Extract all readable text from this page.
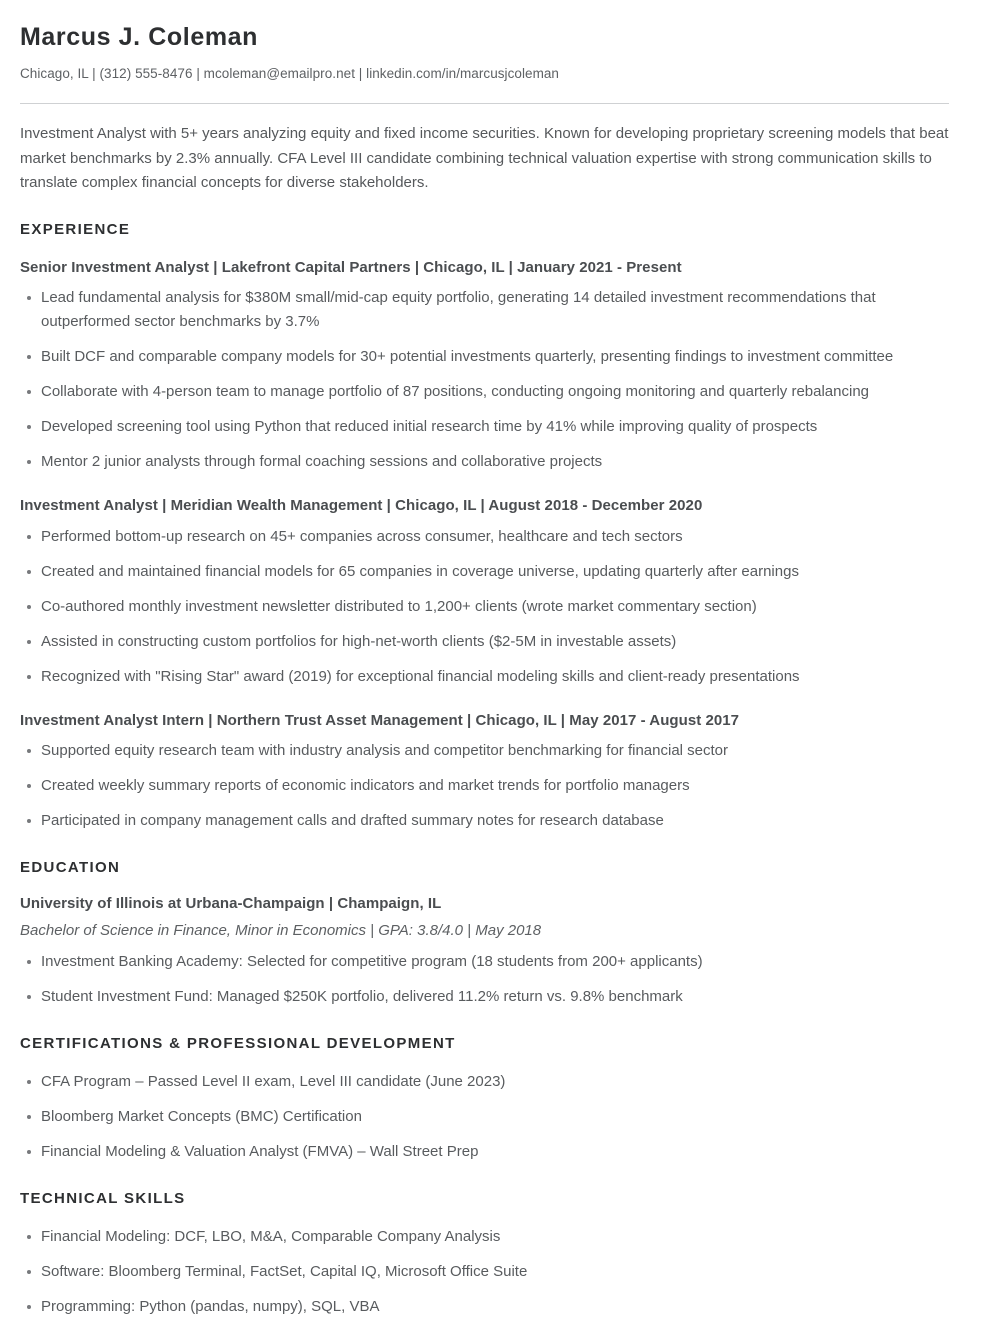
Marcus J. Coleman
Chicago, IL | (312) 555-8476 | mcoleman@emailpro.net | linkedin.com/in/marcusjcoleman

Investment Analyst with 5+ years analyzing equity and fixed income securities. Known for developing proprietary screening models that beat market benchmarks by 2.3% annually. CFA Level III candidate combining technical valuation expertise with strong communication skills to translate complex financial concepts for diverse stakeholders.

EXPERIENCE
Senior Investment Analyst | Lakefront Capital Partners | Chicago, IL | January 2021 - Present
Lead fundamental analysis for $380M small/mid-cap equity portfolio, generating 14 detailed investment recommendations that outperformed sector benchmarks by 3.7%
Built DCF and comparable company models for 30+ potential investments quarterly, presenting findings to investment committee
Collaborate with 4-person team to manage portfolio of 87 positions, conducting ongoing monitoring and quarterly rebalancing
Developed screening tool using Python that reduced initial research time by 41% while improving quality of prospects
Mentor 2 junior analysts through formal coaching sessions and collaborative projects
Investment Analyst | Meridian Wealth Management | Chicago, IL | August 2018 - December 2020
Performed bottom-up research on 45+ companies across consumer, healthcare and tech sectors
Created and maintained financial models for 65 companies in coverage universe, updating quarterly after earnings
Co-authored monthly investment newsletter distributed to 1,200+ clients (wrote market commentary section)
Assisted in constructing custom portfolios for high-net-worth clients ($2-5M in investable assets)
Recognized with "Rising Star" award (2019) for exceptional financial modeling skills and client-ready presentations
Investment Analyst Intern | Northern Trust Asset Management | Chicago, IL | May 2017 - August 2017
Supported equity research team with industry analysis and competitor benchmarking for financial sector
Created weekly summary reports of economic indicators and market trends for portfolio managers
Participated in company management calls and drafted summary notes for research database
EDUCATION
University of Illinois at Urbana-Champaign | Champaign, IL
Bachelor of Science in Finance, Minor in Economics | GPA: 3.8/4.0 | May 2018
Investment Banking Academy: Selected for competitive program (18 students from 200+ applicants)
Student Investment Fund: Managed $250K portfolio, delivered 11.2% return vs. 9.8% benchmark
CERTIFICATIONS & PROFESSIONAL DEVELOPMENT
CFA Program – Passed Level II exam, Level III candidate (June 2023)
Bloomberg Market Concepts (BMC) Certification
Financial Modeling & Valuation Analyst (FMVA) – Wall Street Prep
TECHNICAL SKILLS
Financial Modeling: DCF, LBO, M&A, Comparable Company Analysis
Software: Bloomberg Terminal, FactSet, Capital IQ, Microsoft Office Suite
Programming: Python (pandas, numpy), SQL, VBA
